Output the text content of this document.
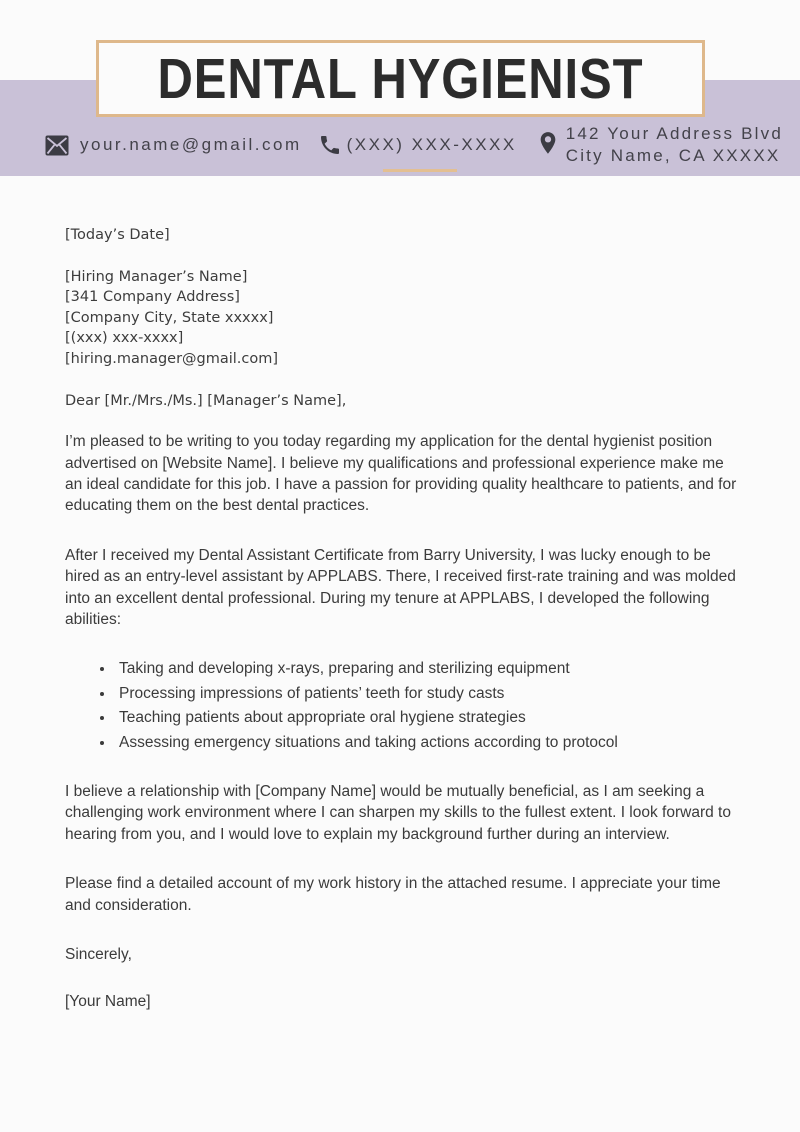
DENTAL HYGIENIST
your.name@gmail.com	(XXX) XXX-XXXX
142 Your Address Blvd
City Name, CA XXXXX

[Today’s Date]

[Hiring Manager’s Name]

[341 Company Address]

[Company City, State xxxxx]

[(xxx) xxx-xxxx]

[hiring.manager@gmail.com]

Dear [Mr./Mrs./Ms.] [Manager’s Name],

I’m pleased to be writing to you today regarding my application for the dental hygienist position advertised on [Website Name]. I believe my qualifications and professional experience make me an ideal candidate for this job. I have a passion for providing quality healthcare to patients, and for educating them on the best dental practices.

After I received my Dental Assistant Certificate from Barry University, I was lucky enough to be hired as an entry-level assistant by APPLABS. There, I received first-rate training and was molded into an excellent dental professional. During my tenure at APPLABS, I developed the following abilities:

• Taking and developing x-rays, preparing and sterilizing equipment
• Processing impressions of patients’ teeth for study casts
• Teaching patients about appropriate oral hygiene strategies
• Assessing emergency situations and taking actions according to protocol

I believe a relationship with [Company Name] would be mutually beneficial, as I am seeking a challenging work environment where I can sharpen my skills to the fullest extent. I look forward to hearing from you, and I would love to explain my background further during an interview.

Please find a detailed account of my work history in the attached resume. I appreciate your time and consideration.

Sincerely,

[Your Name]
